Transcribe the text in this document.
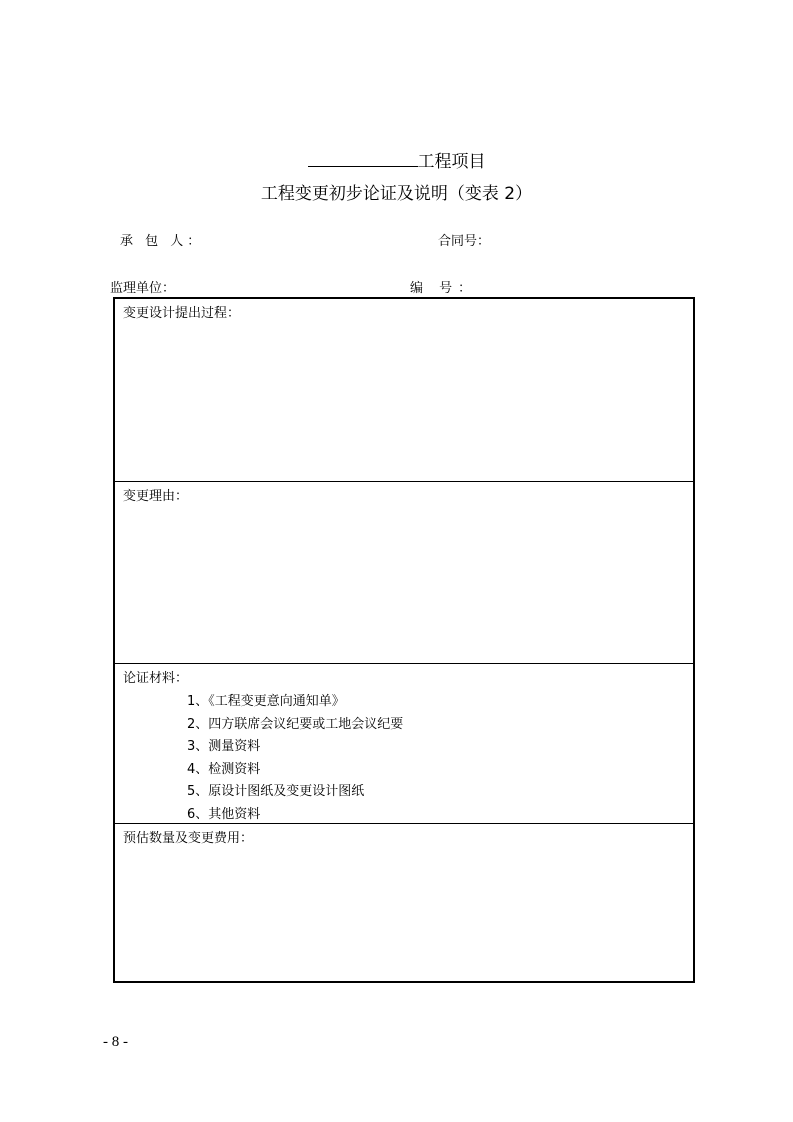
工程项目
工程变更初步论证及说明（变表 2）
承 包 人：	合同号：
监理单位：	编 号：
变更设计提出过程：
变更理由：
论证材料：
1、《工程变更意向通知单》
2、四方联席会议纪要或工地会议纪要
3、测量资料
4、检测资料
5、原设计图纸及变更设计图纸
6、其他资料
预估数量及变更费用：
- 8 -
